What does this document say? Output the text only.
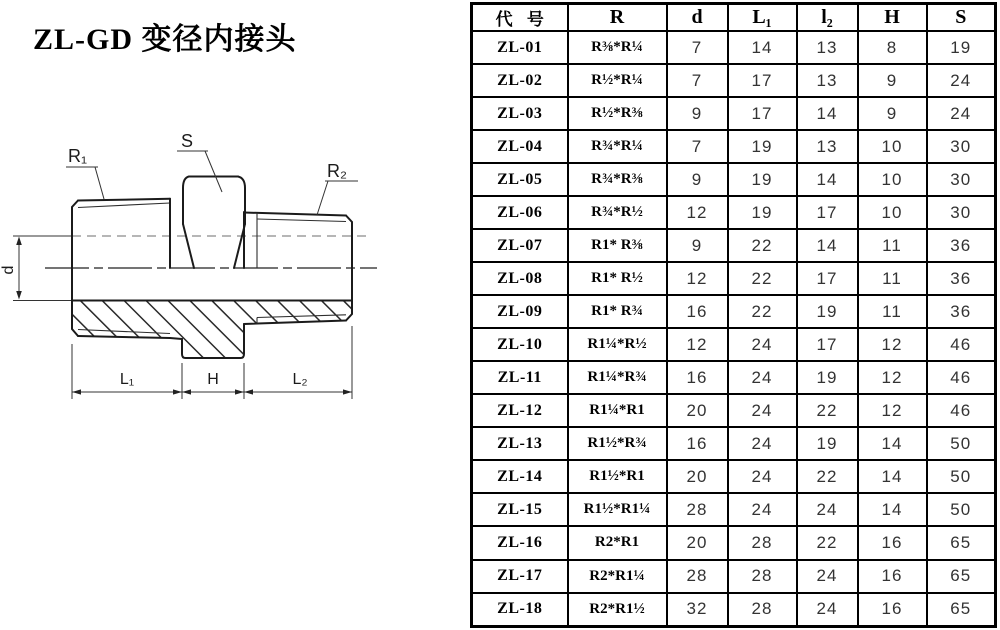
ZL-GD 变径内接头
R₁
S
R₂
d
L₁	H	L₂
代 号	R	d	L₁	l₂	H	S
ZL-01	R⅜*R¼	7	14	13	8	19
ZL-02	R½*R¼	7	17	13	9	24
ZL-03	R½*R⅜	9	17	14	9	24
ZL-04	R¾*R¼	7	19	13	10	30
ZL-05	R¾*R⅜	9	19	14	10	30
ZL-06	R¾*R½	12	19	17	10	30
ZL-07	R1* R⅜	9	22	14	11	36
ZL-08	R1* R½	12	22	17	11	36
ZL-09	R1* R¾	16	22	19	11	36
ZL-10	R1¼*R½	12	24	17	12	46
ZL-11	R1¼*R¾	16	24	19	12	46
ZL-12	R1¼*R1	20	24	22	12	46
ZL-13	R1½*R¾	16	24	19	14	50
ZL-14	R1½*R1	20	24	22	14	50
ZL-15	R1½*R1¼	28	24	24	14	50
ZL-16	R2*R1	20	28	22	16	65
ZL-17	R2*R1¼	28	28	24	16	65
ZL-18	R2*R1½	32	28	24	16	65
